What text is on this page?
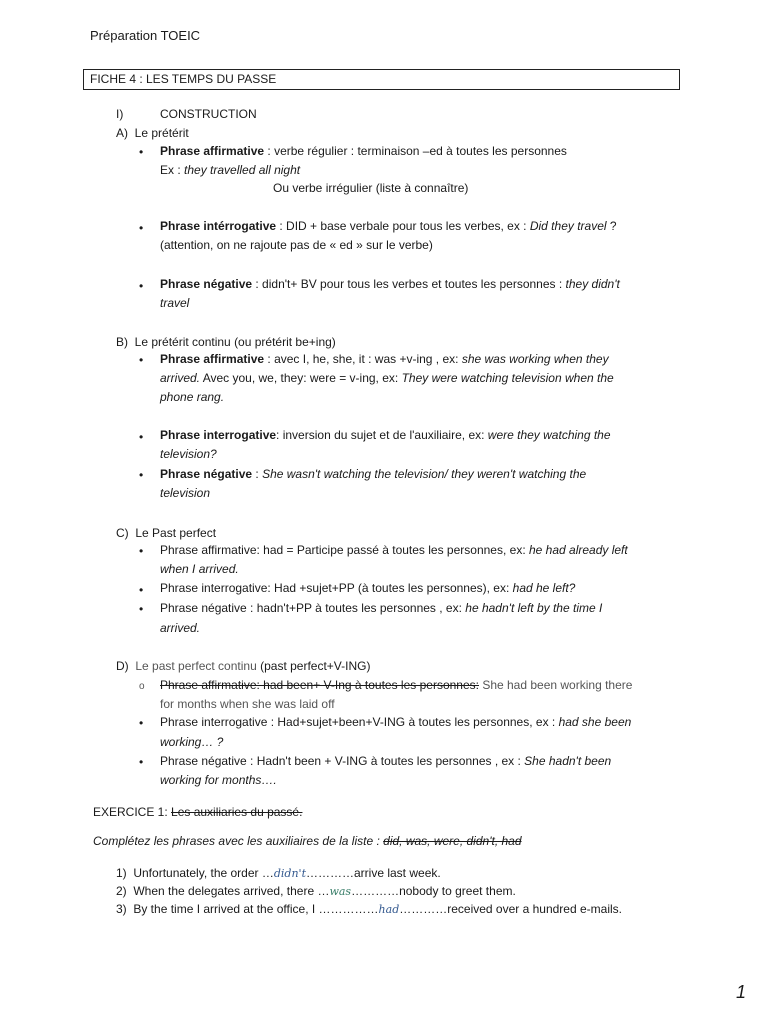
Préparation TOEIC
FICHE 4 : LES TEMPS DU PASSE
I)	CONSTRUCTION
A) Le prétérit
• Phrase affirmative : verbe régulier : terminaison –ed à toutes les personnes
Ex : they travelled all night
Ou verbe irrégulier (liste à connaître)
• Phrase intérrogative : DID + base verbale pour tous les verbes, ex : Did they travel ?
(attention, on ne rajoute pas de « ed » sur le verbe)
• Phrase négative : didn't+ BV pour tous les verbes et toutes les personnes : they didn't
travel
B) Le prétérit continu (ou prétérit be+ing)
• Phrase affirmative : avec I, he, she, it : was +v-ing , ex: she was working when they
arrived. Avec you, we, they: were = v-ing, ex: They were watching television when the
phone rang.
• Phrase interrogative: inversion du sujet et de l'auxiliaire, ex: were they watching the
television?
• Phrase négative : She wasn't watching the television/ they weren't watching the
television
C) Le Past perfect
• Phrase affirmative: had = Participe passé à toutes les personnes, ex: he had already left
when I arrived.
• Phrase interrogative: Had +sujet+PP (à toutes les personnes), ex: had he left?
• Phrase négative : hadn't+PP à toutes les personnes , ex: he hadn't left by the time I
arrived.
D) Le past perfect continu (past perfect+V-ING)
o Phrase affirmative: had been+ V-Ing à toutes les personnes: She had been working there
for months when she was laid off
• Phrase interrogative : Had+sujet+been+V-ING à toutes les personnes, ex : had she been
working… ?
• Phrase négative : Hadn't been + V-ING à toutes les personnes , ex : She hadn't been
working for months….
EXERCICE 1: Les auxiliaries du passé.
Complétez les phrases avec les auxiliaires de la liste : did, was, were, didn't, had
1) Unfortunately, the order …didn't…………arrive last week.
2) When the delegates arrived, there …was…………nobody to greet them.
3) By the time I arrived at the office, I ……………had…………received over a hundred e-mails.
1
